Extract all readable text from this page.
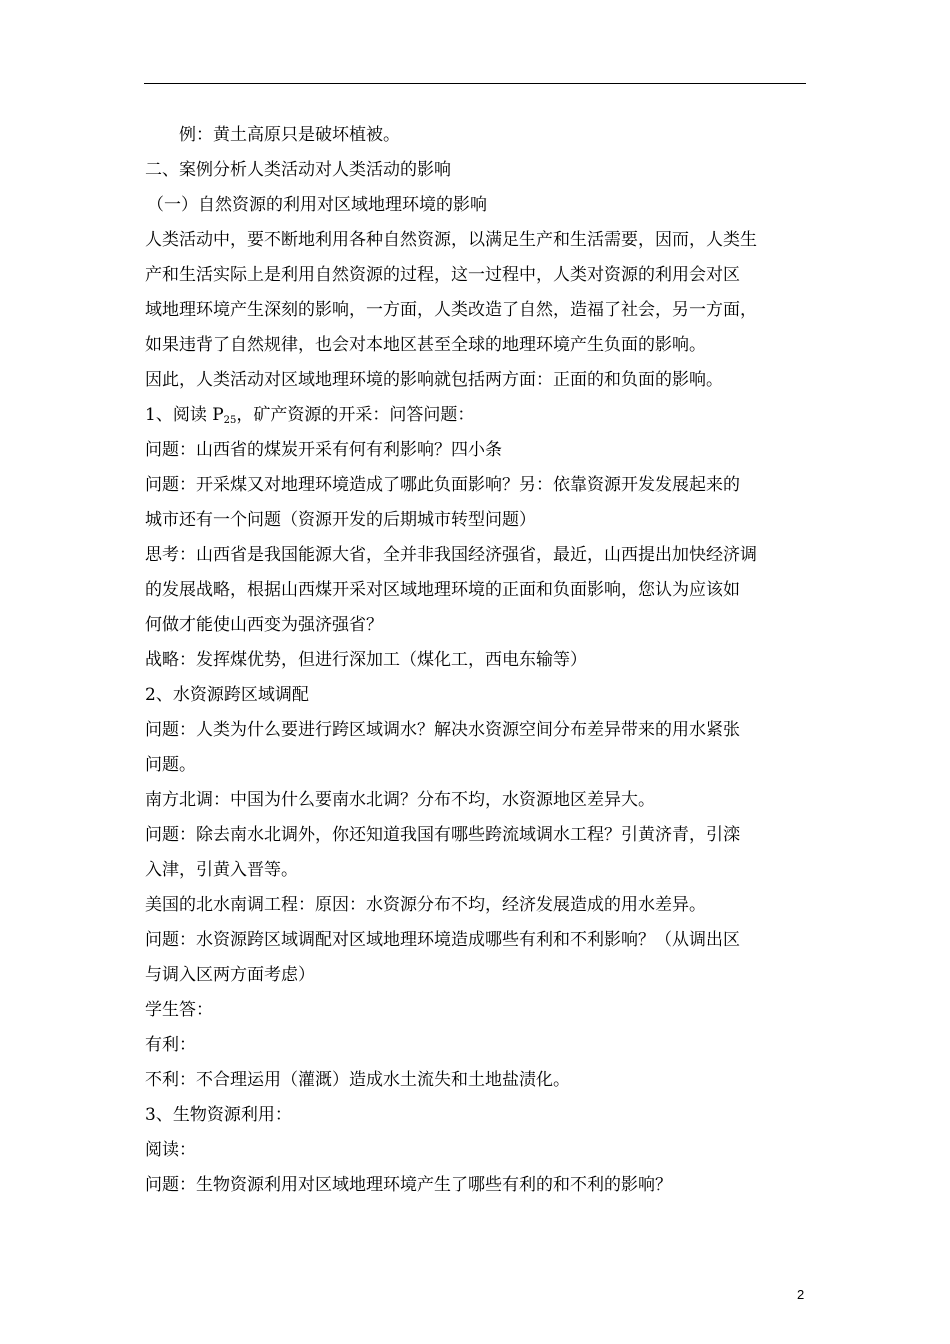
例：黄土高原只是破坏植被。
二、案例分析人类活动对人类活动的影响
（一）自然资源的利用对区域地理环境的影响
人类活动中，要不断地利用各种自然资源，以满足生产和生活需要，因而，人类生
产和生活实际上是利用自然资源的过程，这一过程中，人类对资源的利用会对区
域地理环境产生深刻的影响，一方面，人类改造了自然，造福了社会，另一方面，
如果违背了自然规律，也会对本地区甚至全球的地理环境产生负面的影响。
因此，人类活动对区域地理环境的影响就包括两方面：正面的和负面的影响。
1、阅读 $P_{25}$，矿产资源的开采：问答问题：
问题：山西省的煤炭开采有何有利影响？四小条
问题：开采煤又对地理环境造成了哪此负面影响？另：依靠资源开发发展起来的
城市还有一个问题（资源开发的后期城市转型问题）
思考：山西省是我国能源大省，全并非我国经济强省，最近，山西提出加快经济调
的发展战略，根据山西煤开采对区域地理环境的正面和负面影响，您认为应该如
何做才能使山西变为强济强省？
战略：发挥煤优势，但进行深加工（煤化工，西电东输等）
2、水资源跨区域调配
问题：人类为什么要进行跨区域调水？解决水资源空间分布差异带来的用水紧张
问题。
南方北调：中国为什么要南水北调？分布不均，水资源地区差异大。
问题：除去南水北调外，你还知道我国有哪些跨流域调水工程？引黄济青，引滦
入津，引黄入晋等。
美国的北水南调工程：原因：水资源分布不均，经济发展造成的用水差异。
问题：水资源跨区域调配对区域地理环境造成哪些有利和不利影响？（从调出区
与调入区两方面考虑）
学生答：
有利：
不利：不合理运用（灌溉）造成水土流失和土地盐渍化。
3、生物资源利用：
阅读：
问题：生物资源利用对区域地理环境产生了哪些有利的和不利的影响？
2
